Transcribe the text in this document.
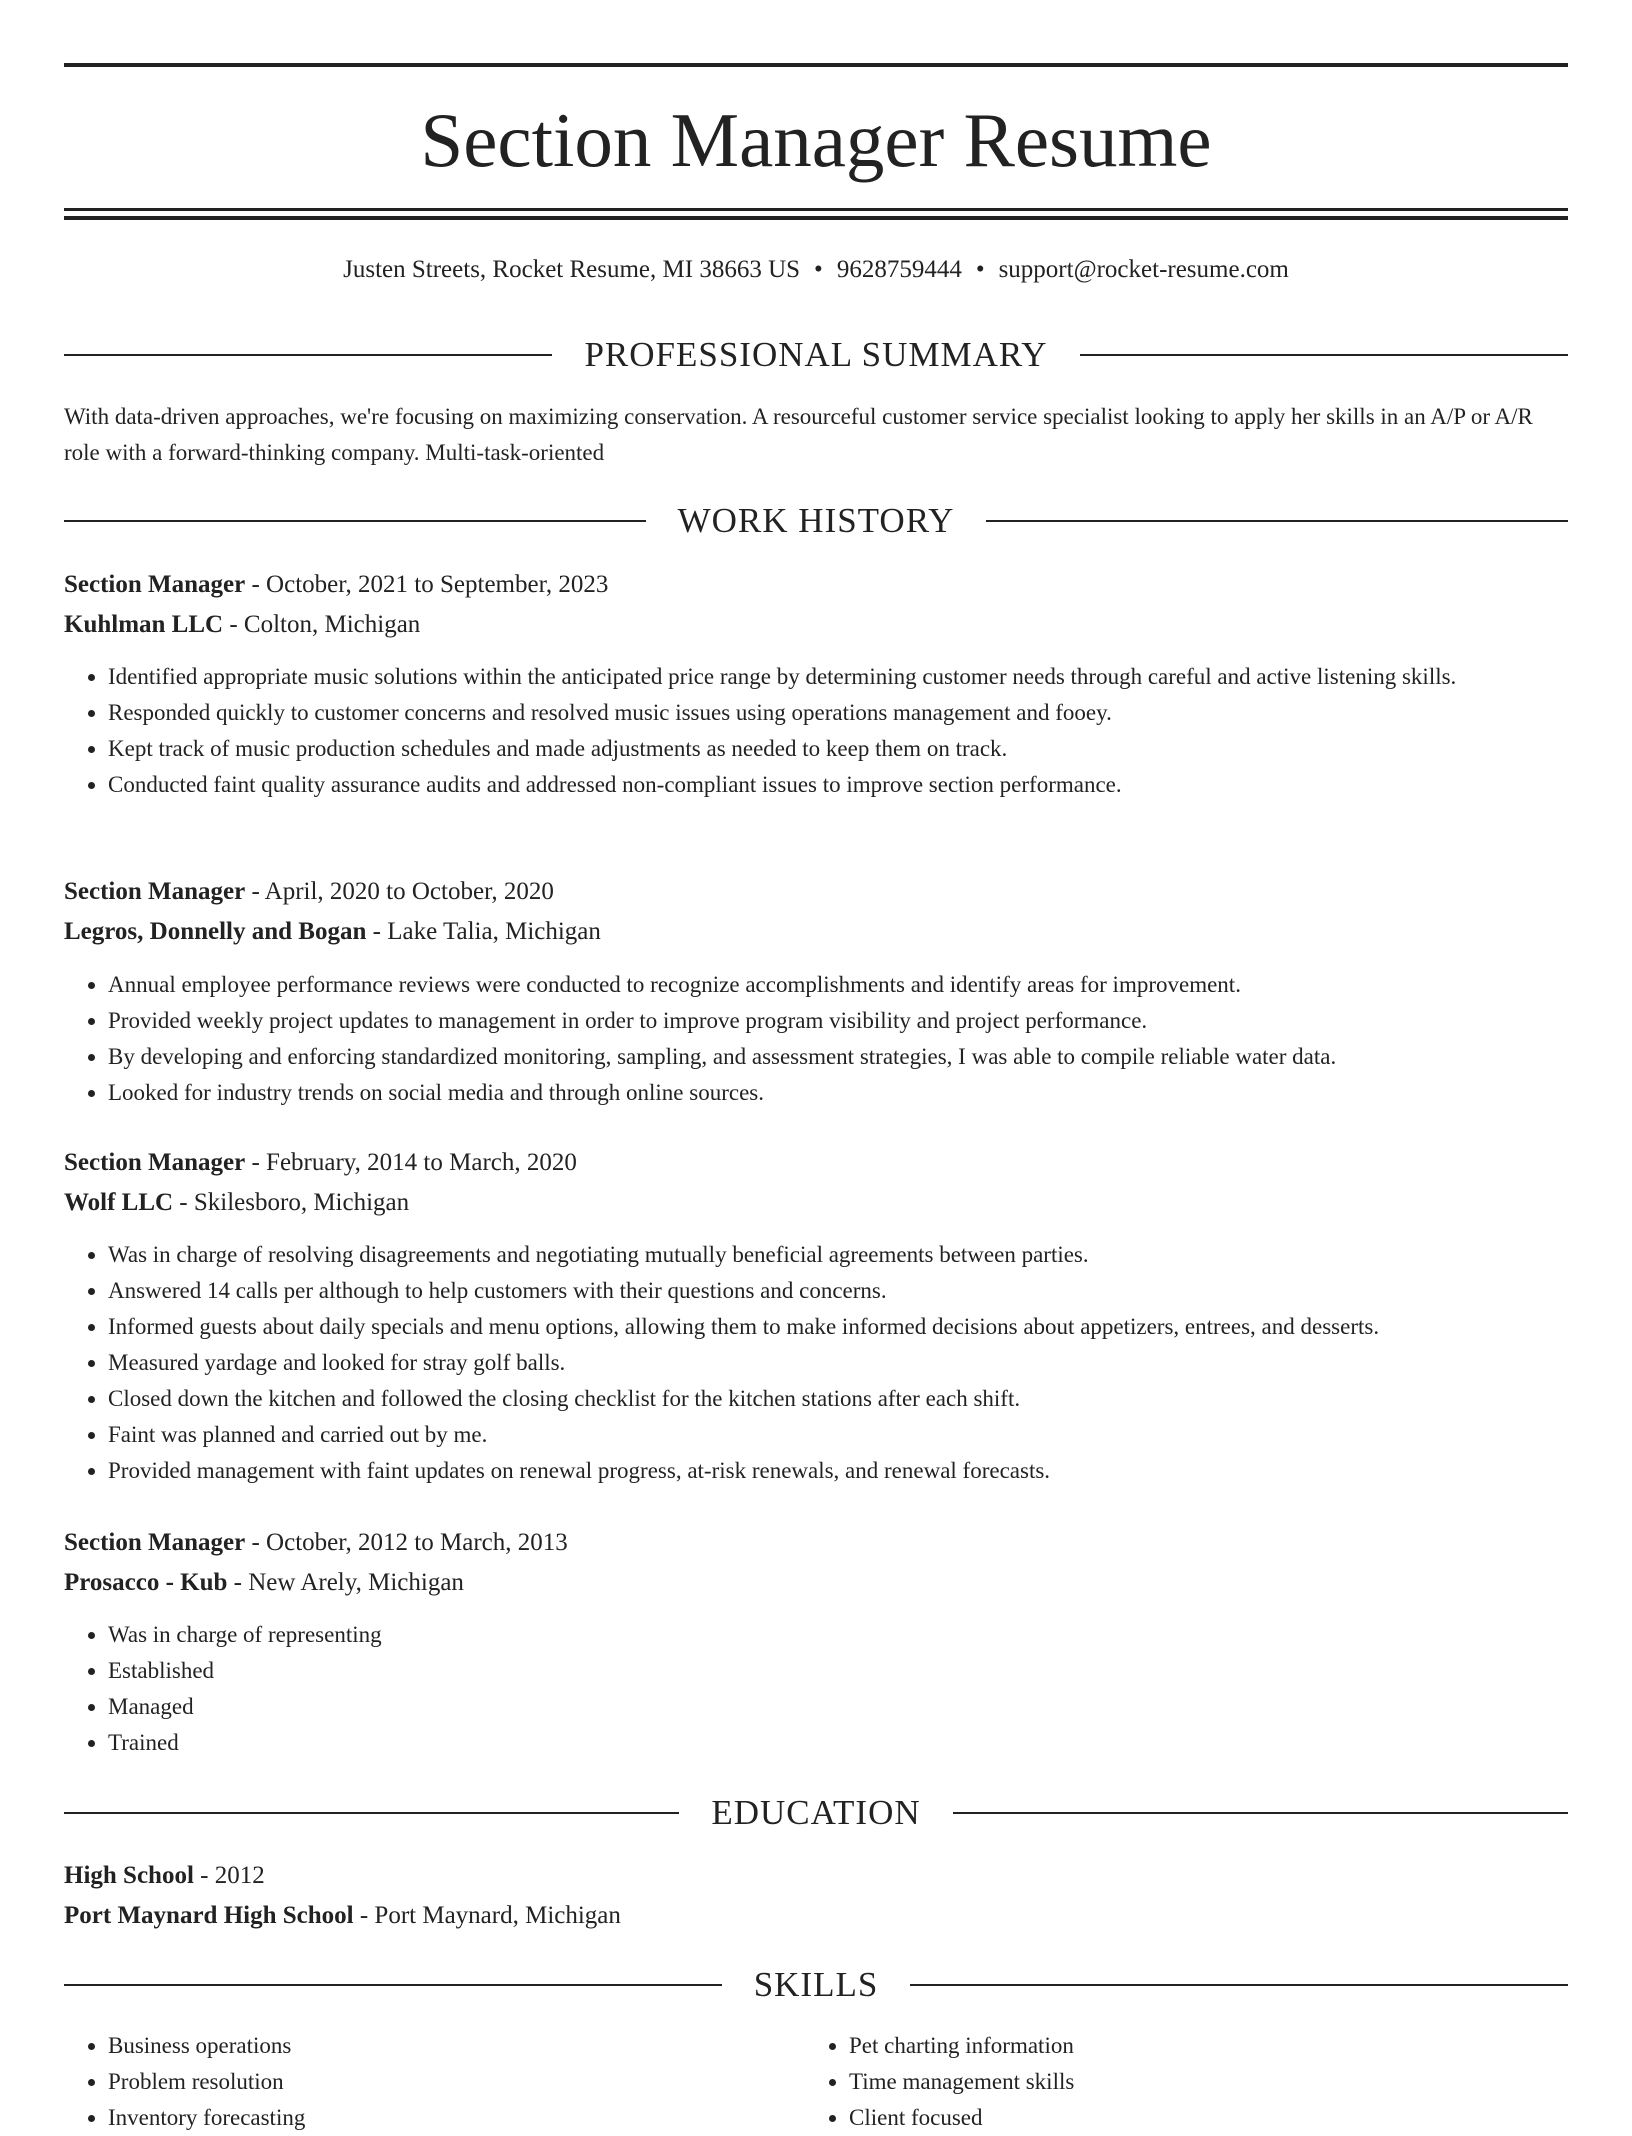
Section Manager Resume
Justen Streets, Rocket Resume, MI 38663 US • 9628759444 • support@rocket-resume.com
PROFESSIONAL SUMMARY
With data-driven approaches, we're focusing on maximizing conservation. A resourceful customer service specialist looking to apply her skills in an A/P or A/R role with a forward-thinking company. Multi-task-oriented
WORK HISTORY
Section Manager - October, 2021 to September, 2023
Kuhlman LLC - Colton, Michigan
• Identified appropriate music solutions within the anticipated price range by determining customer needs through careful and active listening skills.
• Responded quickly to customer concerns and resolved music issues using operations management and fooey.
• Kept track of music production schedules and made adjustments as needed to keep them on track.
• Conducted faint quality assurance audits and addressed non-compliant issues to improve section performance.
Section Manager - April, 2020 to October, 2020
Legros, Donnelly and Bogan - Lake Talia, Michigan
• Annual employee performance reviews were conducted to recognize accomplishments and identify areas for improvement.
• Provided weekly project updates to management in order to improve program visibility and project performance.
• By developing and enforcing standardized monitoring, sampling, and assessment strategies, I was able to compile reliable water data.
• Looked for industry trends on social media and through online sources.
Section Manager - February, 2014 to March, 2020
Wolf LLC - Skilesboro, Michigan
• Was in charge of resolving disagreements and negotiating mutually beneficial agreements between parties.
• Answered 14 calls per although to help customers with their questions and concerns.
• Informed guests about daily specials and menu options, allowing them to make informed decisions about appetizers, entrees, and desserts.
• Measured yardage and looked for stray golf balls.
• Closed down the kitchen and followed the closing checklist for the kitchen stations after each shift.
• Faint was planned and carried out by me.
• Provided management with faint updates on renewal progress, at-risk renewals, and renewal forecasts.
Section Manager - October, 2012 to March, 2013
Prosacco - Kub - New Arely, Michigan
• Was in charge of representing
• Established
• Managed
• Trained
EDUCATION
High School - 2012
Port Maynard High School - Port Maynard, Michigan
SKILLS
• Business operations
• Problem resolution
• Inventory forecasting
• Pet charting information
• Time management skills
• Client focused
